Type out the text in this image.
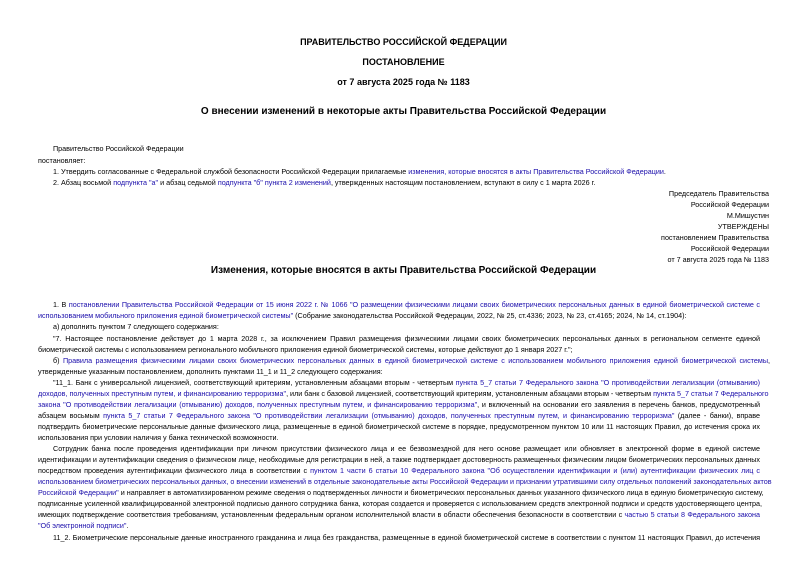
ПРАВИТЕЛЬСТВО РОССИЙСКОЙ ФЕДЕРАЦИИ
ПОСТАНОВЛЕНИЕ
от 7 августа 2025 года № 1183
О внесении изменений в некоторые акты Правительства Российской Федерации
Правительство Российской Федерации
постановляет:
1. Утвердить согласованные с Федеральной службой безопасности Российской Федерации прилагаемые изменения, которые вносятся в акты Правительства Российской Федерации.
2. Абзац восьмой подпункта "а" и абзац седьмой подпункта "б" пункта 2 изменений, утвержденных настоящим постановлением, вступают в силу с 1 марта 2026 г.
Председатель Правительства
Российской Федерации
М.Мишустин
УТВЕРЖДЕНЫ
постановлением Правительства
Российской Федерации
от 7 августа 2025 года № 1183
Изменения, которые вносятся в акты Правительства Российской Федерации
1. В постановлении Правительства Российской Федерации от 15 июня 2022 г. № 1066 "О размещении физическими лицами своих биометрических персональных данных в единой биометрической системе с
использованием мобильного приложения единой биометрической системы" (Собрание законодательства Российской Федерации, 2022, № 25, ст.4336; 2023, № 23, ст.4165; 2024, № 14, ст.1904):
а) дополнить пунктом 7 следующего содержания:
"7. Настоящее постановление действует до 1 марта 2028 г., за исключением Правил размещения физическими лицами своих биометрических персональных данных в региональном сегменте единой
биометрической системы с использованием регионального мобильного приложения единой биометрической системы, которые действуют до 1 января 2027 г.";
б) Правила размещения физическими лицами своих биометрических персональных данных в единой биометрической системе с использованием мобильного приложения единой биометрической системы,
утвержденные указанным постановлением, дополнить пунктами 11_1 и 11_2 следующего содержания:
"11_1. Банк с универсальной лицензией, соответствующий критериям, установленным абзацами вторым - четвертым пункта 5_7 статьи 7 Федерального закона "О противодействии легализации (отмыванию)
доходов, полученных преступным путем, и финансированию терроризма", или банк с базовой лицензией, соответствующий критериям, установленным абзацами вторым - четвертым пункта 5_7 статьи 7 Федерального
закона "О противодействии легализации (отмыванию) доходов, полученных преступным путем, и финансированию терроризма", и включенный на основании его заявления в перечень банков, предусмотренный
абзацем восьмым пункта 5_7 статьи 7 Федерального закона "О противодействии легализации (отмыванию) доходов, полученных преступным путем, и финансированию терроризма" (далее - банки), вправе
подтвердить биометрические персональные данные физического лица, размещенные в единой биометрической системе в порядке, предусмотренном пунктом 10 или 11 настоящих Правил, до истечения срока их
использования при условии наличия у банка технической возможности.
Сотрудник банка после проведения идентификации при личном присутствии физического лица и ее безвозмездной для него основе размещает или обновляет в электронной форме в единой системе
идентификации и аутентификации сведения о физическом лице, необходимые для регистрации в ней, а также подтверждает достоверность размещенных физическим лицом биометрических персональных данных
посредством проведения аутентификации физического лица в соответствии с пунктом 1 части 6 статьи 10 Федерального закона "Об осуществлении идентификации и (или) аутентификации физических лиц с
использованием биометрических персональных данных, о внесении изменений в отдельные законодательные акты Российской Федерации и признании утратившими силу отдельных положений законодательных актов
Российской Федерации" и направляет в автоматизированном режиме сведения о подтвержденных личности и биометрических персональных данных указанного физического лица в единую биометрическую систему,
подписанные усиленной квалифицированной электронной подписью данного сотрудника банка, которая создается и проверяется с использованием средств электронной подписи и средств удостоверяющего центра,
имеющих подтверждение соответствия требованиям, установленным федеральным органом исполнительной власти в области обеспечения безопасности в соответствии с частью 5 статьи 8 Федерального закона
"Об электронной подписи".
11_2. Биометрические персональные данные иностранного гражданина и лица без гражданства, размещенные в единой биометрической системе в соответствии с пунктом 11 настоящих Правил, до истечения
